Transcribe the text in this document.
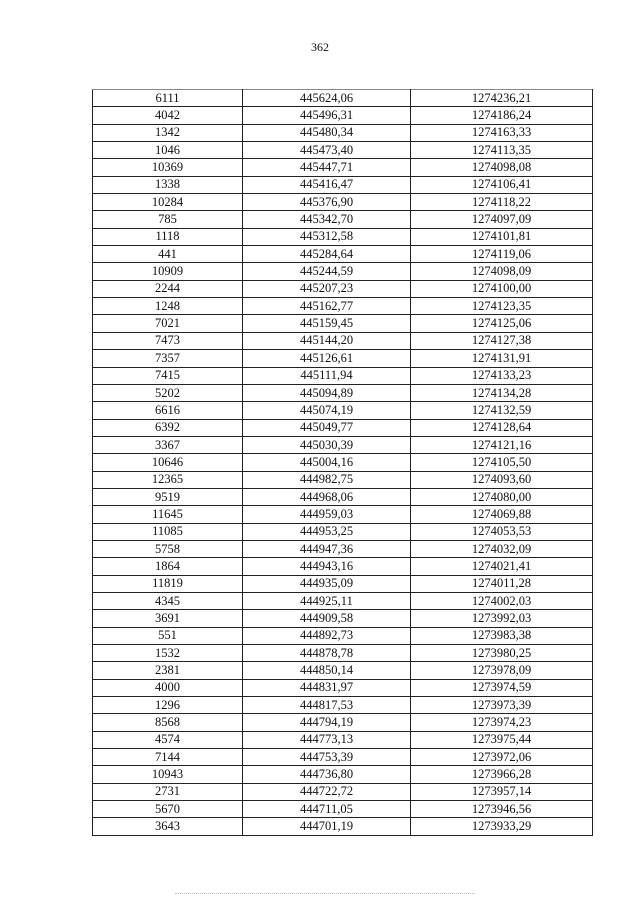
362
6111	445624,06	1274236,21
4042	445496,31	1274186,24
1342	445480,34	1274163,33
1046	445473,40	1274113,35
10369	445447,71	1274098,08
1338	445416,47	1274106,41
10284	445376,90	1274118,22
785	445342,70	1274097,09
1118	445312,58	1274101,81
441	445284,64	1274119,06
10909	445244,59	1274098,09
2244	445207,23	1274100,00
1248	445162,77	1274123,35
7021	445159,45	1274125,06
7473	445144,20	1274127,38
7357	445126,61	1274131,91
7415	445111,94	1274133,23
5202	445094,89	1274134,28
6616	445074,19	1274132,59
6392	445049,77	1274128,64
3367	445030,39	1274121,16
10646	445004,16	1274105,50
12365	444982,75	1274093,60
9519	444968,06	1274080,00
11645	444959,03	1274069,88
11085	444953,25	1274053,53
5758	444947,36	1274032,09
1864	444943,16	1274021,41
11819	444935,09	1274011,28
4345	444925,11	1274002,03
3691	444909,58	1273992,03
551	444892,73	1273983,38
1532	444878,78	1273980,25
2381	444850,14	1273978,09
4000	444831,97	1273974,59
1296	444817,53	1273973,39
8568	444794,19	1273974,23
4574	444773,13	1273975,44
7144	444753,39	1273972,06
10943	444736,80	1273966,28
2731	444722,72	1273957,14
5670	444711,05	1273946,56
3643	444701,19	1273933,29
